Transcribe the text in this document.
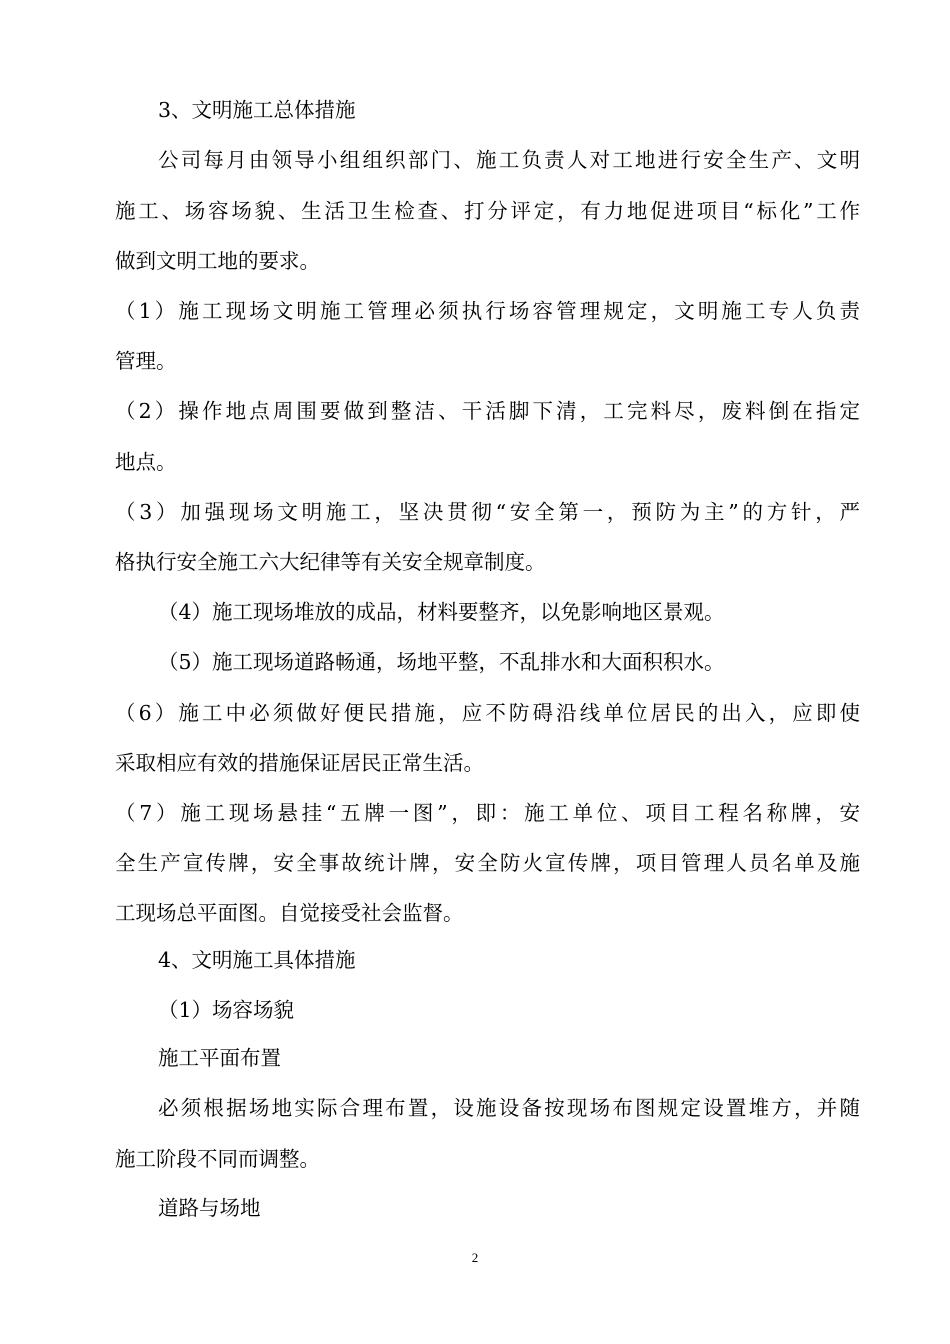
3、文明施工总体措施
公司每月由领导小组组织部门、施工负责人对工地进行安全生产、文明
施工、场容场貌、生活卫生检查、打分评定，有力地促进项目“标化”工作
做到文明工地的要求。
（1）施工现场文明施工管理必须执行场容管理规定，文明施工专人负责
管理。
（2）操作地点周围要做到整洁、干活脚下清，工完料尽，废料倒在指定
地点。
（3）加强现场文明施工，坚决贯彻“安全第一，预防为主”的方针，严
格执行安全施工六大纪律等有关安全规章制度。
（4）施工现场堆放的成品，材料要整齐，以免影响地区景观。
（5）施工现场道路畅通，场地平整，不乱排水和大面积积水。
（6）施工中必须做好便民措施，应不防碍沿线单位居民的出入，应即使
采取相应有效的措施保证居民正常生活。
（7）施工现场悬挂“五牌一图”，即：施工单位、项目工程名称牌，安
全生产宣传牌，安全事故统计牌，安全防火宣传牌，项目管理人员名单及施
工现场总平面图。自觉接受社会监督。
4、文明施工具体措施
（1）场容场貌
施工平面布置
必须根据场地实际合理布置，设施设备按现场布图规定设置堆方，并随
施工阶段不同而调整。
道路与场地
2
